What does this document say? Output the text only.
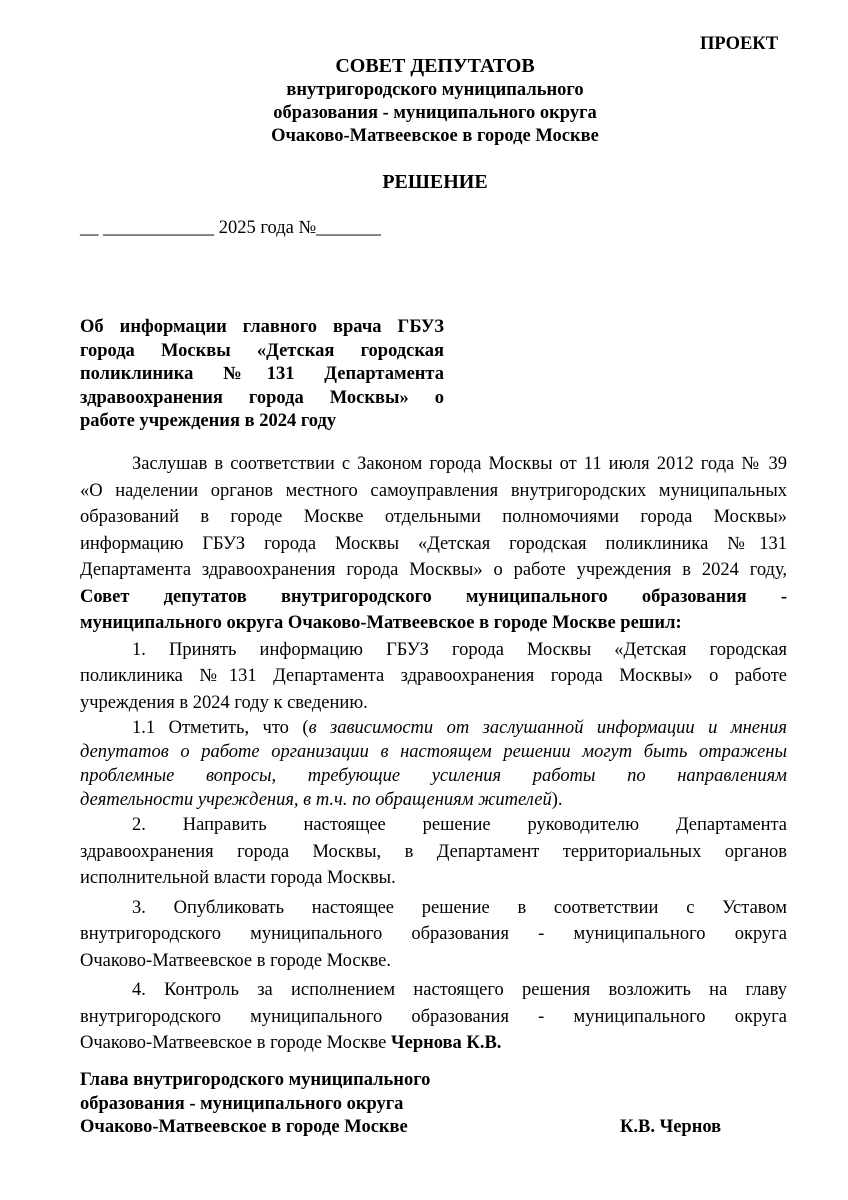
ПРОЕКТ
СОВЕТ ДЕПУТАТОВ
внутригородского муниципального
образования - муниципального округа
Очаково-Матвеевское в городе Москве
РЕШЕНИЕ
__ ____________ 2025 года №_______
Об информации главного врача ГБУЗ
города Москвы «Детская городская
поликлиника №131 Департамента
здравоохранения города Москвы» о
работе учреждения в 2024 году
Заслушав в соответствии с Законом города Москвы от 11 июля 2012 года № 39
«О наделении органов местного самоуправления внутригородских муниципальных
образований в городе Москве отдельными полномочиями города Москвы»
информацию ГБУЗ города Москвы «Детская городская поликлиника №131
Департамента здравоохранения города Москвы» о работе учреждения в 2024 году,
Совет депутатов внутригородского муниципального образования -
муниципального округа Очаково-Матвеевское в городе Москве решил:
1. Принять информацию ГБУЗ города Москвы «Детская городская
поликлиника №131 Департамента здравоохранения города Москвы» о работе
учреждения в 2024 году к сведению.
1.1 Отметить, что (в зависимости от заслушанной информации и мнения
депутатов о работе организации в настоящем решении могут быть отражены
проблемные вопросы, требующие усиления работы по направлениям
деятельности учреждения, в т.ч. по обращениям жителей).
2. Направить настоящее решение руководителю Департамента
здравоохранения города Москвы, в Департамент территориальных органов
исполнительной власти города Москвы.
3. Опубликовать настоящее решение в соответствии с Уставом
внутригородского муниципального образования - муниципального округа
Очаково-Матвеевское в городе Москве.
4. Контроль за исполнением настоящего решения возложить на главу
внутригородского муниципального образования - муниципального округа
Очаково-Матвеевское в городе Москве Чернова К.В.
Глава внутригородского муниципального
образования - муниципального округа
Очаково-Матвеевское в городе Москве	К.В. Чернов
